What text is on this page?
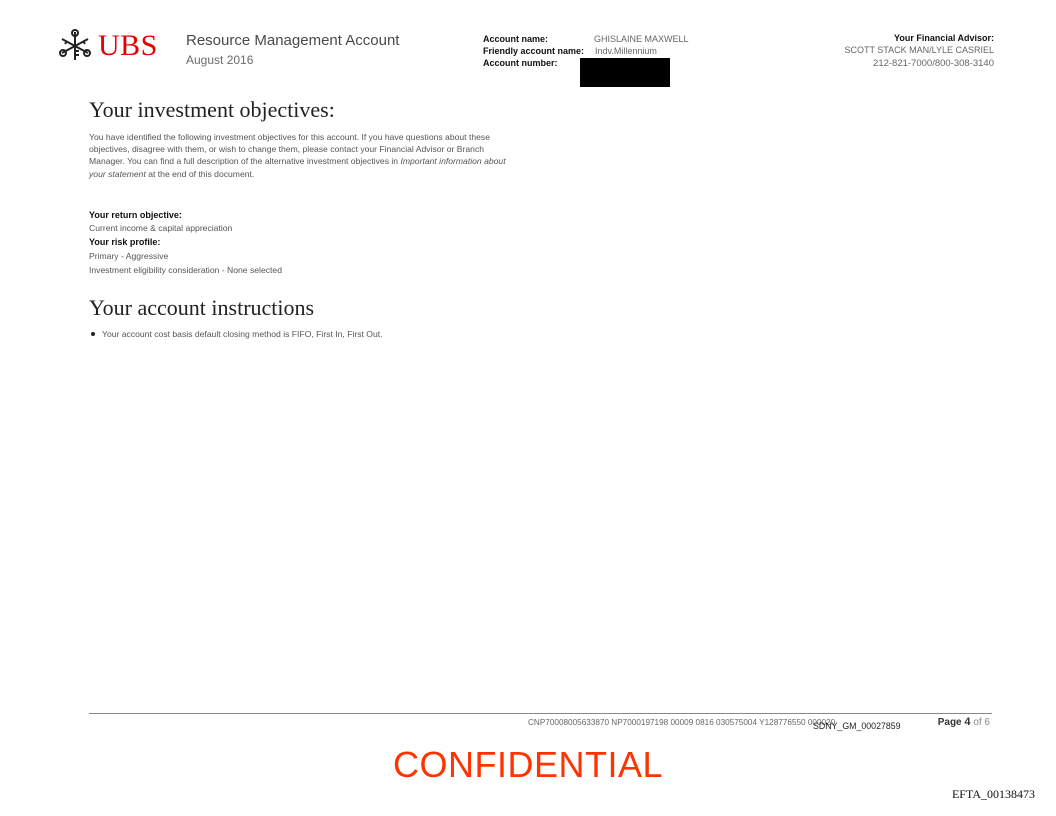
UBS Resource Management Account
August 2016
Account name:	GHISLAINE MAXWELL
Friendly account name: Indv.Millennium
Account number:
Your Financial Advisor:
SCOTT STACK MAN/LYLE CASRIEL
212-821-7000/800-308-3140
Your investment objectives:
You have identified the following investment objectives for this account. If you have questions about these objectives, disagree with them, or wish to change them, please contact your Financial Advisor or Branch Manager. You can find a full description of the alternative investment objectives in Important information about your statement at the end of this document.
Your return objective:
Current income & capital appreciation
Your risk profile:
Primary - Aggressive
Investment eligibility consideration - None selected
Your account instructions
Your account cost basis default closing method is FIFO, First In, First Out.
CNP70008005633870 NP7000197198 00009 0816 030575004 Y128776550 000020
SDNY_GM_00027859	Page 4 of 6
CONFIDENTIAL
EFTA_00138473
